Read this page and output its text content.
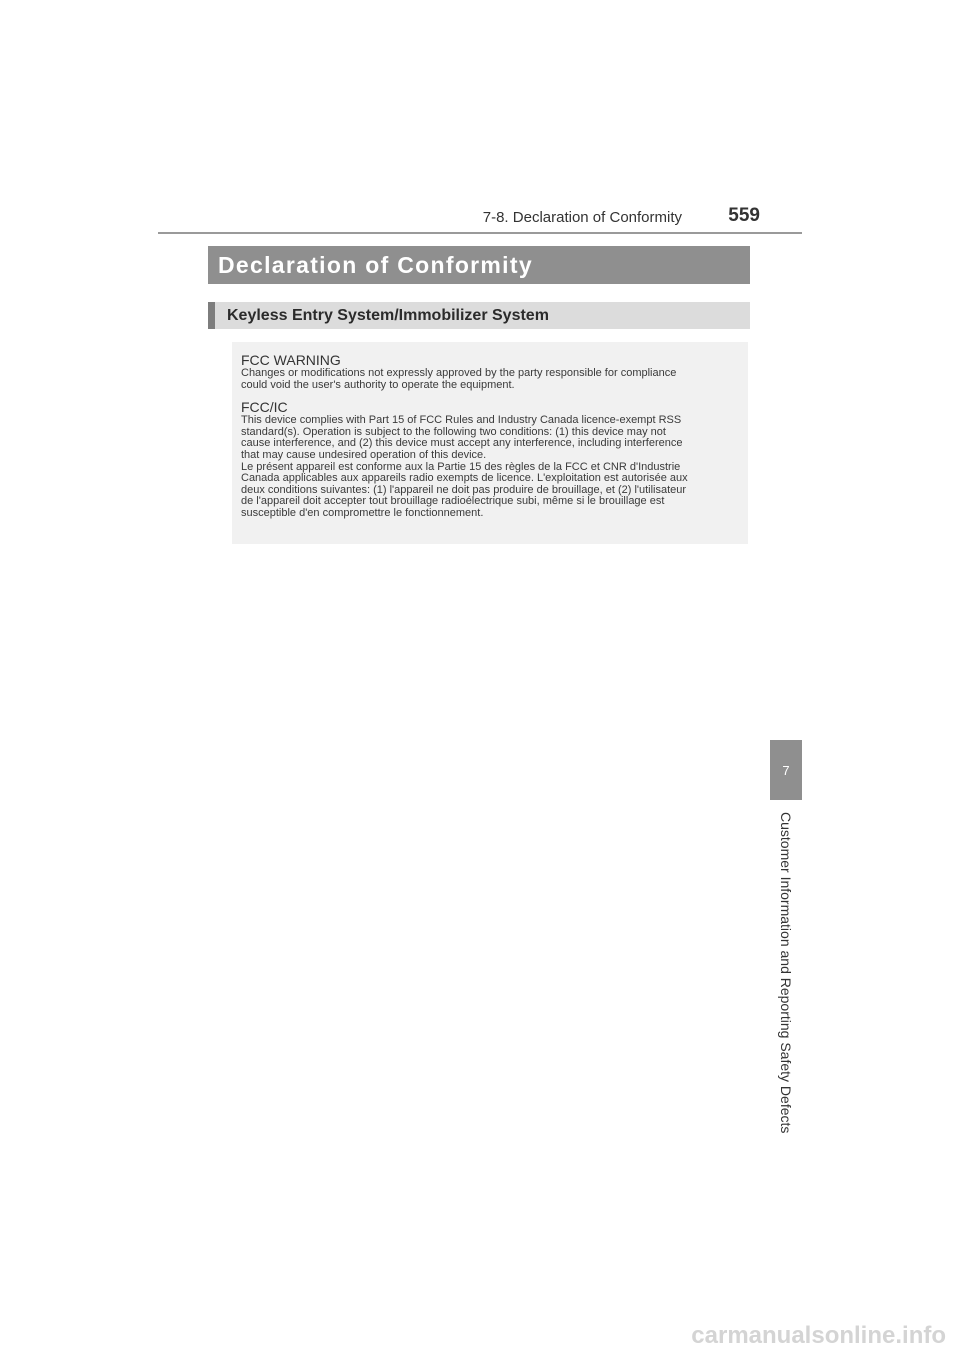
7-8. Declaration of Conformity 559
Declaration of Conformity
Keyless Entry System/Immobilizer System
FCC WARNING
Changes or modifications not expressly approved by the party responsible for compliance
could void the user's authority to operate the equipment.
FCC/IC
This device complies with Part 15 of FCC Rules and Industry Canada licence-exempt RSS
standard(s). Operation is subject to the following two conditions: (1) this device may not
cause interference, and (2) this device must accept any interference, including interference
that may cause undesired operation of this device.
Le présent appareil est conforme aux la Partie 15 des règles de la FCC et CNR d'Industrie
Canada applicables aux appareils radio exempts de licence. L'exploitation est autorisée aux
deux conditions suivantes: (1) l'appareil ne doit pas produire de brouillage, et (2) l'utilisateur
de l'appareil doit accepter tout brouillage radioélectrique subi, même si le brouillage est
susceptible d'en compromettre le fonctionnement.
7
Customer Information and Reporting Safety Defects
carmanualsonline.info
